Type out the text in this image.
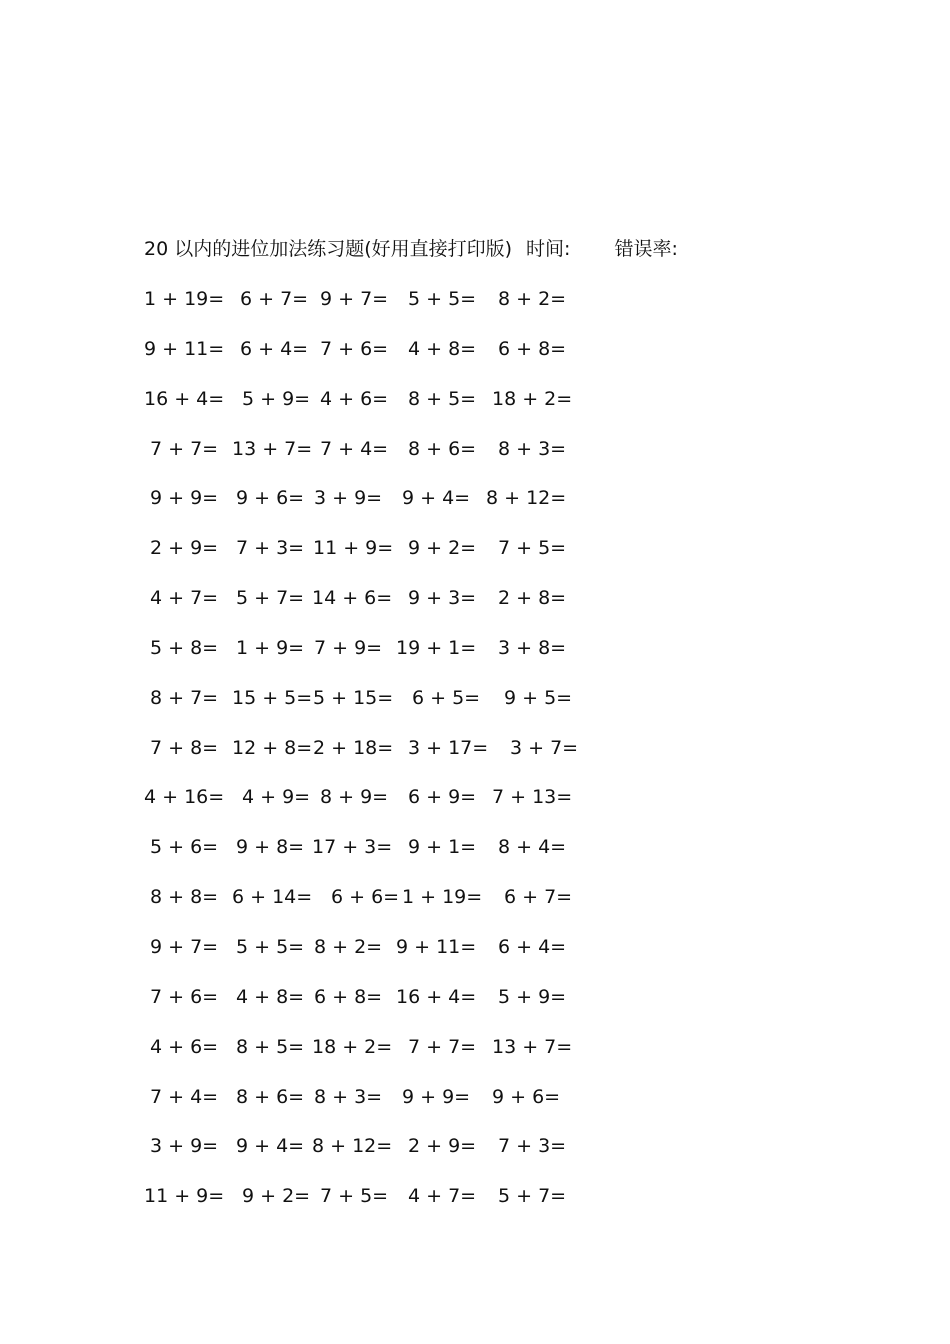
20 以内的进位加法练习题(好用直接打印版) 时间: 错误率:
1 + 19= 6 + 7= 9 + 7= 5 + 5= 8 + 2=
9 + 11= 6 + 4= 7 + 6= 4 + 8= 6 + 8=
16 + 4= 5 + 9= 4 + 6= 8 + 5= 18 + 2=
7 + 7= 13 + 7= 7 + 4= 8 + 6= 8 + 3=
9 + 9= 9 + 6= 3 + 9= 9 + 4= 8 + 12=
2 + 9= 7 + 3= 11 + 9= 9 + 2= 7 + 5=
4 + 7= 5 + 7= 14 + 6= 9 + 3= 2 + 8=
5 + 8= 1 + 9= 7 + 9= 19 + 1= 3 + 8=
8 + 7= 15 + 5= 5 + 15= 6 + 5= 9 + 5=
7 + 8= 12 + 8= 2 + 18= 3 + 17= 3 + 7=
4 + 16= 4 + 9= 8 + 9= 6 + 9= 7 + 13=
5 + 6= 9 + 8= 17 + 3= 9 + 1= 8 + 4=
8 + 8= 6 + 14= 6 + 6= 1 + 19= 6 + 7=
9 + 7= 5 + 5= 8 + 2= 9 + 11= 6 + 4=
7 + 6= 4 + 8= 6 + 8= 16 + 4= 5 + 9=
4 + 6= 8 + 5= 18 + 2= 7 + 7= 13 + 7=
7 + 4= 8 + 6= 8 + 3= 9 + 9= 9 + 6=
3 + 9= 9 + 4= 8 + 12= 2 + 9= 7 + 3=
11 + 9= 9 + 2= 7 + 5= 4 + 7= 5 + 7=
